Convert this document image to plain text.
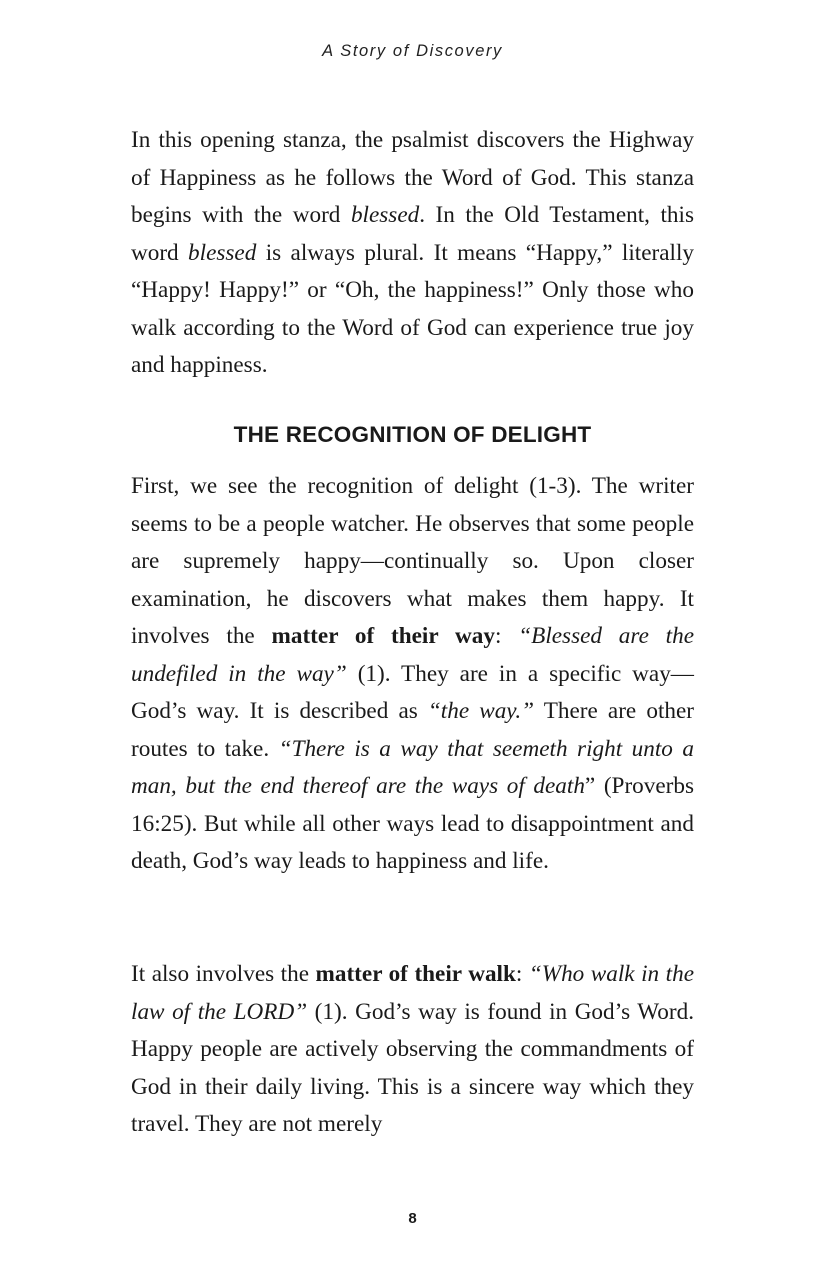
A Story of Discovery

In this opening stanza, the psalmist discovers the Highway of Happiness as he follows the Word of God. This stanza begins with the word blessed. In the Old Testament, this word blessed is always plural. It means “Happy,” literally “Happy! Happy!” or “Oh, the happiness!” Only those who walk according to the Word of God can experience true joy and happiness.

THE RECOGNITION OF DELIGHT

First, we see the recognition of delight (1-3). The writer seems to be a people watcher. He observes that some people are supremely happy—continually so. Upon closer examination, he discovers what makes them happy. It involves the matter of their way: “Blessed are the undefiled in the way” (1). They are in a specific way—God’s way. It is described as “the way.” There are other routes to take. “There is a way that seemeth right unto a man, but the end thereof are the ways of death” (Proverbs 16:25). But while all other ways lead to disappointment and death, God’s way leads to happiness and life.

It also involves the matter of their walk: “Who walk in the law of the LORD” (1). God’s way is found in God’s Word. Happy people are actively observing the commandments of God in their daily living. This is a sincere way which they travel. They are not merely

8
